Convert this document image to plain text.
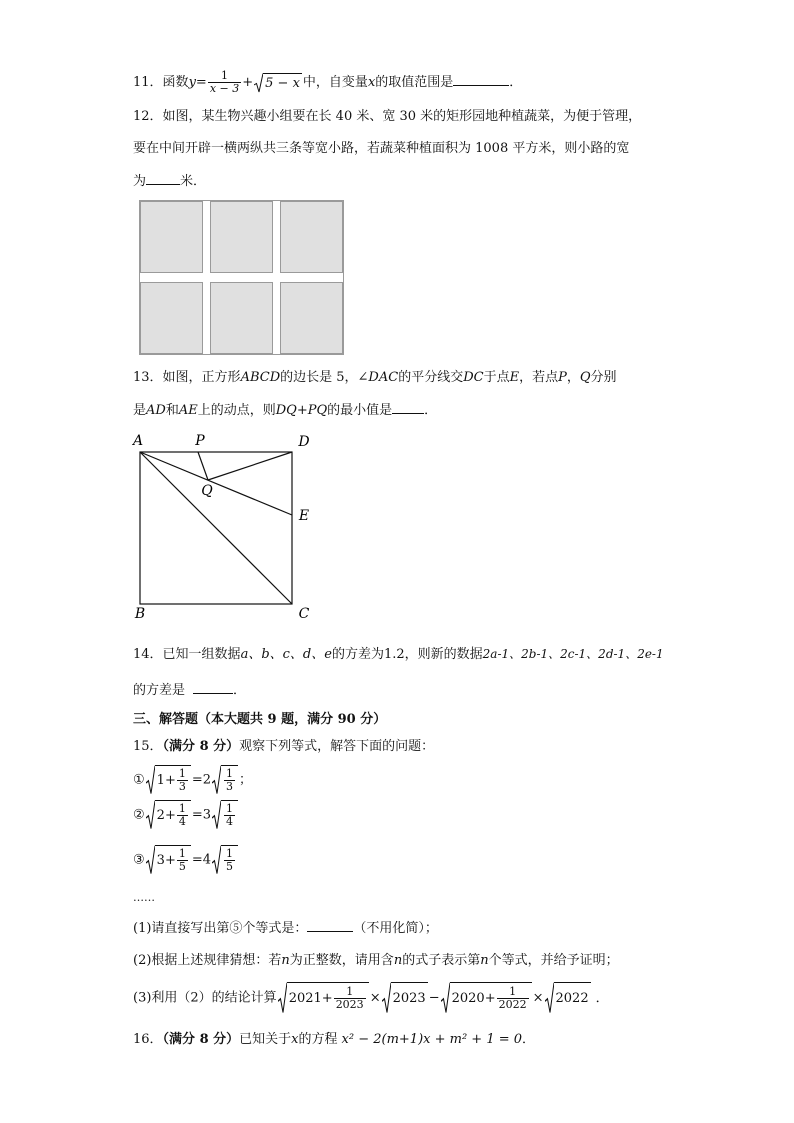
11．函数$y= \frac{1}{x - 3} + 5 - x$ 中，自变量x的取值范围是	．
12．如图，某生物兴趣小组要在长 40 米、宽 30 米的矩形园地种植蔬菜，为便于管理，
要在中间开辟一横两纵共三条等宽小路，若蔬菜种植面积为 1008 平方米，则小路的宽
为	米．
13．如图，正方形ABCD的边长是 5，∠DAC的平分线交DC于点E，若点P，Q分别
是AD和AE上的动点，则DQ+PQ的最小值是 ．
A	P	D
Q
E
B	C
14．已知一组数据a、b、c、d、e的方差为1.2，则新的数据2a-1、2b-1、2c-1、2d-1、2e-1
的方差是	．
三、解答题（本大题共 9 题，满分 90 分）
15．（满分 8 分）观察下列等式，解答下面的问题：
① $1+ \frac{1}{3} =2 \frac{1}{3}$ ；
② $2+ \frac{1}{4} =3 \frac{1}{4}$
③ $3+ \frac{1}{5} =4 \frac{1}{5}$
……
(1)请直接写出第⑤个等式是：	（不用化简）；
(2)根据上述规律猜想：若n为正整数，请用含n的式子表示第n个等式，并给予证明；
(3)利用（2）的结论计算 $2021+ \frac{1}{2023} \times 2023 - 2020+ \frac{1}{2022} \times 2022$ ．
16．（满分 8 分）已知关于x的方程 x² − 2(m+1)x + m² + 1 = 0．
